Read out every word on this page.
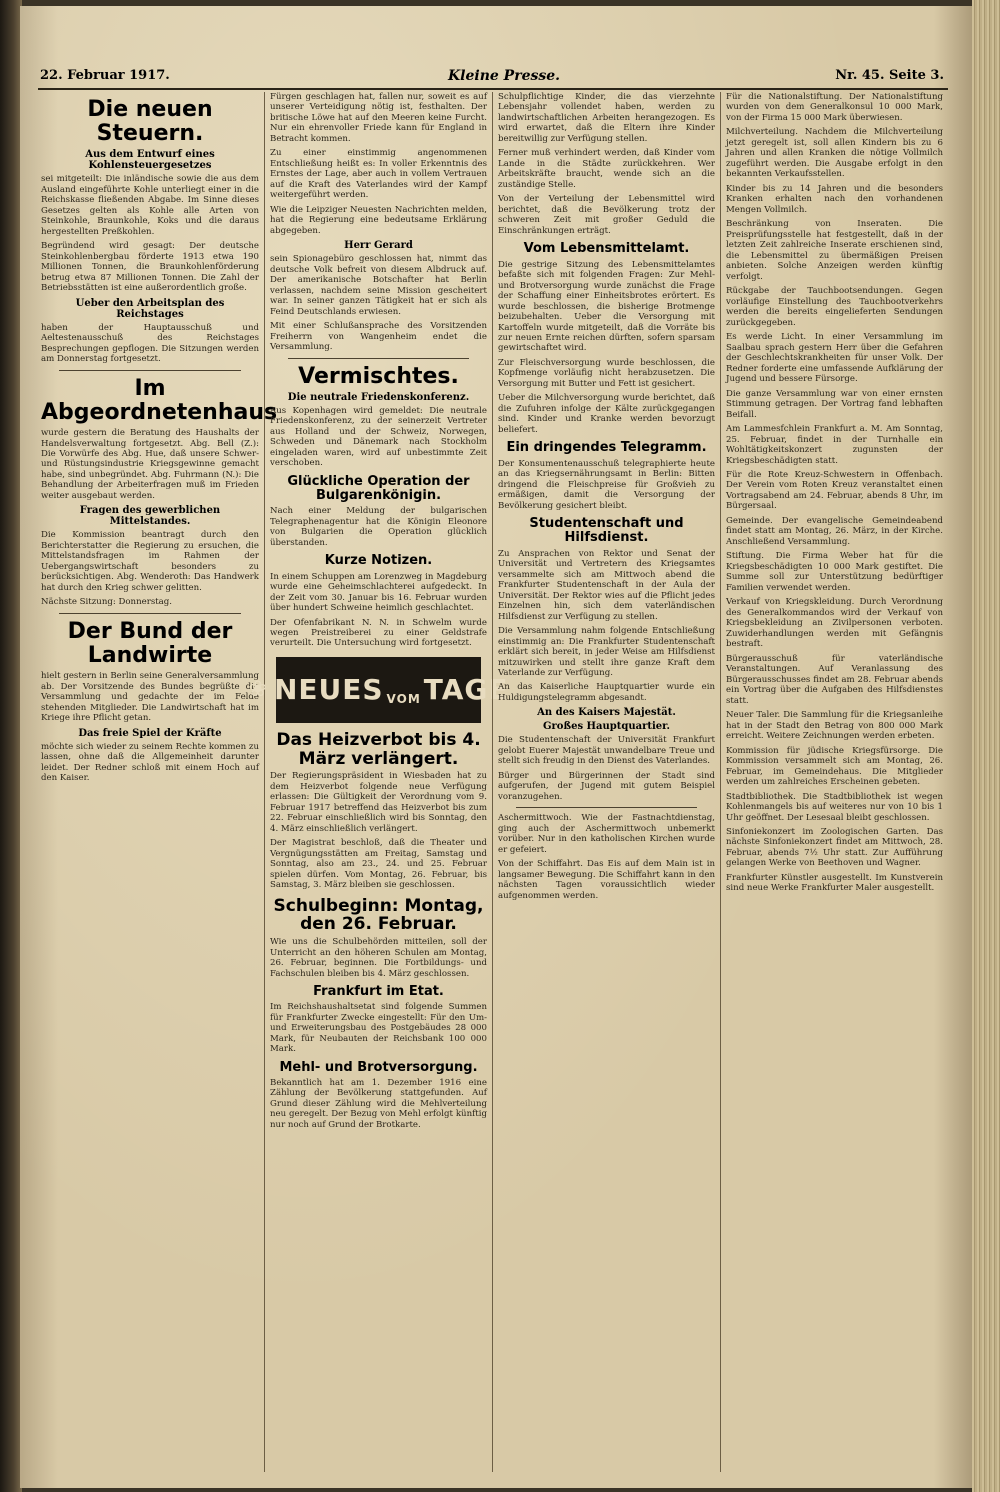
22. Februar 1917.	Kleine Presse.	Nr. 45. Seite 3.
Die neuen Steuern.
Aus dem Entwurf eines Kohlensteuergesetzes

sei mitgeteilt: Die inländische sowie die aus dem Ausland eingeführte Kohle unterliegt einer in die Reichskasse fließenden Abgabe. Im Sinne dieses Gesetzes gelten als Kohle alle Arten von Steinkohle, Braunkohle, Koks und die daraus hergestellten Preßkohlen.

Begründend wird gesagt: Der deutsche Steinkohlenbergbau förderte 1913 etwa 190 Millionen Tonnen, die Braunkohlenförderung betrug etwa 87 Millionen Tonnen. Die Zahl der Betriebsstätten ist eine außerordentlich große.

Ueber den Arbeitsplan des Reichstages

haben der Hauptausschuß und Aeltestenausschuß des Reichstages Besprechungen gepflogen. Die Sitzungen werden am Donnerstag fortgesetzt.

Im Abgeordnetenhaus

wurde gestern die Beratung des Haushalts der Handelsverwaltung fortgesetzt. Abg. Bell (Z.): Die Vorwürfe des Abg. Hue, daß unsere Schwer- und Rüstungsindustrie Kriegsgewinne gemacht habe, sind unbegründet. Abg. Fuhrmann (N.): Die Behandlung der Arbeiterfragen muß im Frieden weiter ausgebaut werden.

Fragen des gewerblichen Mittelstandes.

Die Kommission beantragt durch den Berichterstatter die Regierung zu ersuchen, die Mittelstandsfragen im Rahmen der Uebergangswirtschaft besonders zu berücksichtigen. Abg. Wenderoth: Das Handwerk hat durch den Krieg schwer gelitten.

Nächste Sitzung: Donnerstag.

Der Bund der Landwirte

hielt gestern in Berlin seine Generalversammlung ab. Der Vorsitzende des Bundes begrüßte die Versammlung und gedachte der im Felde stehenden Mitglieder. Die Landwirtschaft hat im Kriege ihre Pflicht getan.

Das freie Spiel der Kräfte

möchte sich wieder zu seinem Rechte kommen zu lassen, ohne daß die Allgemeinheit darunter leidet. Der Redner schloß mit einem Hoch auf den Kaiser.

Fürgen geschlagen hat, fallen nur, soweit es auf unserer Verteidigung nötig ist, festhalten. Der britische Löwe hat auf den Meeren keine Furcht. Nur ein ehrenvoller Friede kann für England in Betracht kommen.

Zu einer einstimmig angenommenen Entschließung heißt es: In voller Erkenntnis des Ernstes der Lage, aber auch in vollem Vertrauen auf die Kraft des Vaterlandes wird der Kampf weitergeführt werden.

Wie die Leipziger Neuesten Nachrichten melden, hat die Regierung eine bedeutsame Erklärung abgegeben.

Herr Gerard

sein Spionagebüro geschlossen hat, nimmt das deutsche Volk befreit von diesem Albdruck auf. Der amerikanische Botschafter hat Berlin verlassen, nachdem seine Mission gescheitert war. In seiner ganzen Tätigkeit hat er sich als Feind Deutschlands erwiesen.

Mit einer Schlußansprache des Vorsitzenden Freiherrn von Wangenheim endet die Versammlung.

Vermischtes.
Die neutrale Friedenskonferenz.

Aus Kopenhagen wird gemeldet: Die neutrale Friedenskonferenz, zu der seinerzeit Vertreter aus Holland und der Schweiz, Norwegen, Schweden und Dänemark nach Stockholm eingeladen waren, wird auf unbestimmte Zeit verschoben.

Glückliche Operation der Bulgarenkönigin.

Nach einer Meldung der bulgarischen Telegraphenagentur hat die Königin Eleonore von Bulgarien die Operation glücklich überstanden.

Kurze Notizen.

In einem Schuppen am Lorenzweg in Magdeburg wurde eine Geheimschlachterei aufgedeckt. In der Zeit vom 30. Januar bis 16. Februar wurden über hundert Schweine heimlich geschlachtet.

Der Ofenfabrikant N. N. in Schwelm wurde wegen Preistreiberei zu einer Geldstrafe verurteilt. Die Untersuchung wird fortgesetzt.

❀ NEUES VOM TAGE
Das Heizverbot bis 4. März verlängert.

Der Regierungspräsident in Wiesbaden hat zu dem Heizverbot folgende neue Verfügung erlassen: Die Gültigkeit der Verordnung vom 9. Februar 1917 betreffend das Heizverbot bis zum 22. Februar einschließlich wird bis Sonntag, den 4. März einschließlich verlängert.

Der Magistrat beschloß, daß die Theater und Vergnügungsstätten am Freitag, Samstag und Sonntag, also am 23., 24. und 25. Februar spielen dürfen. Vom Montag, 26. Februar, bis Samstag, 3. März bleiben sie geschlossen.

Schulbeginn: Montag, den 26. Februar.

Wie uns die Schulbehörden mitteilen, soll der Unterricht an den höheren Schulen am Montag, 26. Februar, beginnen. Die Fortbildungs- und Fachschulen bleiben bis 4. März geschlossen.

Frankfurt im Etat.

Im Reichshaushaltsetat sind folgende Summen für Frankfurter Zwecke eingestellt: Für den Um- und Erweiterungsbau des Postgebäudes 28 000 Mark, für Neubauten der Reichsbank 100 000 Mark.

Mehl- und Brotversorgung.

Bekanntlich hat am 1. Dezember 1916 eine Zählung der Bevölkerung stattgefunden. Auf Grund dieser Zählung wird die Mehlverteilung neu geregelt. Der Bezug von Mehl erfolgt künftig nur noch auf Grund der Brotkarte.

Schulpflichtige Kinder, die das vierzehnte Lebensjahr vollendet haben, werden zu landwirtschaftlichen Arbeiten herangezogen. Es wird erwartet, daß die Eltern ihre Kinder bereitwillig zur Verfügung stellen.

Ferner muß verhindert werden, daß Kinder vom Lande in die Städte zurückkehren. Wer Arbeitskräfte braucht, wende sich an die zuständige Stelle.

Von der Verteilung der Lebensmittel wird berichtet, daß die Bevölkerung trotz der schweren Zeit mit großer Geduld die Einschränkungen erträgt.

Vom Lebensmittelamt.

Die gestrige Sitzung des Lebensmittelamtes befaßte sich mit folgenden Fragen: Zur Mehl- und Brotversorgung wurde zunächst die Frage der Schaffung einer Einheitsbrotes erörtert. Es wurde beschlossen, die bisherige Brotmenge beizubehalten. Ueber die Versorgung mit Kartoffeln wurde mitgeteilt, daß die Vorräte bis zur neuen Ernte reichen dürften, sofern sparsam gewirtschaftet wird.

Zur Fleischversorgung wurde beschlossen, die Kopfmenge vorläufig nicht herabzusetzen. Die Versorgung mit Butter und Fett ist gesichert.

Ueber die Milchversorgung wurde berichtet, daß die Zufuhren infolge der Kälte zurückgegangen sind. Kinder und Kranke werden bevorzugt beliefert.

Ein dringendes Telegramm.

Der Konsumentenausschuß telegraphierte heute an das Kriegsernährungsamt in Berlin: Bitten dringend die Fleischpreise für Großvieh zu ermäßigen, damit die Versorgung der Bevölkerung gesichert bleibt.

Studentenschaft und Hilfsdienst.

Zu Ansprachen von Rektor und Senat der Universität und Vertretern des Kriegsamtes versammelte sich am Mittwoch abend die Frankfurter Studentenschaft in der Aula der Universität. Der Rektor wies auf die Pflicht jedes Einzelnen hin, sich dem vaterländischen Hilfsdienst zur Verfügung zu stellen.

Die Versammlung nahm folgende Entschließung einstimmig an: Die Frankfurter Studentenschaft erklärt sich bereit, in jeder Weise am Hilfsdienst mitzuwirken und stellt ihre ganze Kraft dem Vaterlande zur Verfügung.

An das Kaiserliche Hauptquartier wurde ein Huldigungstelegramm abgesandt.

An des Kaisers Majestät.
Großes Hauptquartier.

Die Studentenschaft der Universität Frankfurt gelobt Euerer Majestät unwandelbare Treue und stellt sich freudig in den Dienst des Vaterlandes.

Bürger und Bürgerinnen der Stadt sind aufgerufen, der Jugend mit gutem Beispiel voranzugehen.

Aschermittwoch. Wie der Fastnachtdienstag, ging auch der Aschermittwoch unbemerkt vorüber. Nur in den katholischen Kirchen wurde er gefeiert.

Von der Schiffahrt. Das Eis auf dem Main ist in langsamer Bewegung. Die Schiffahrt kann in den nächsten Tagen voraussichtlich wieder aufgenommen werden.

Für die Nationalstiftung. Der Nationalstiftung wurden von dem Generalkonsul 10 000 Mark, von der Firma 15 000 Mark überwiesen.

Milchverteilung. Nachdem die Milchverteilung jetzt geregelt ist, soll allen Kindern bis zu 6 Jahren und allen Kranken die nötige Vollmilch zugeführt werden. Die Ausgabe erfolgt in den bekannten Verkaufsstellen.

Kinder bis zu 14 Jahren und die besonders Kranken erhalten nach den vorhandenen Mengen Vollmilch.

Beschränkung von Inseraten. Die Preisprüfungsstelle hat festgestellt, daß in der letzten Zeit zahlreiche Inserate erschienen sind, die Lebensmittel zu übermäßigen Preisen anbieten. Solche Anzeigen werden künftig verfolgt.

Rückgabe der Tauchbootsendungen. Gegen vorläufige Einstellung des Tauchbootverkehrs werden die bereits eingelieferten Sendungen zurückgegeben.

Es werde Licht. In einer Versammlung im Saalbau sprach gestern Herr über die Gefahren der Geschlechtskrankheiten für unser Volk. Der Redner forderte eine umfassende Aufklärung der Jugend und bessere Fürsorge.

Die ganze Versammlung war von einer ernsten Stimmung getragen. Der Vortrag fand lebhaften Beifall.

Am Lammesfchlein Frankfurt a. M. Am Sonntag, 25. Februar, findet in der Turnhalle ein Wohltätigkeitskonzert zugunsten der Kriegsbeschädigten statt.

Für die Rote Kreuz-Schwestern in Offenbach. Der Verein vom Roten Kreuz veranstaltet einen Vortragsabend am 24. Februar, abends 8 Uhr, im Bürgersaal.

Gemeinde. Der evangelische Gemeindeabend findet statt am Montag, 26. März, in der Kirche. Anschließend Versammlung.

Stiftung. Die Firma Weber hat für die Kriegsbeschädigten 10 000 Mark gestiftet. Die Summe soll zur Unterstützung bedürftiger Familien verwendet werden.

Verkauf von Kriegskleidung. Durch Verordnung des Generalkommandos wird der Verkauf von Kriegsbekleidung an Zivilpersonen verboten. Zuwiderhandlungen werden mit Gefängnis bestraft.

Bürgerausschuß für vaterländische Veranstaltungen. Auf Veranlassung des Bürgerausschusses findet am 28. Februar abends ein Vortrag über die Aufgaben des Hilfsdienstes statt.

Neuer Taler. Die Sammlung für die Kriegsanleihe hat in der Stadt den Betrag von 800 000 Mark erreicht. Weitere Zeichnungen werden erbeten.

Kommission für jüdische Kriegsfürsorge. Die Kommission versammelt sich am Montag, 26. Februar, im Gemeindehaus. Die Mitglieder werden um zahlreiches Erscheinen gebeten.

Stadtbibliothek. Die Stadtbibliothek ist wegen Kohlenmangels bis auf weiteres nur von 10 bis 1 Uhr geöffnet. Der Lesesaal bleibt geschlossen.

Sinfoniekonzert im Zoologischen Garten. Das nächste Sinfoniekonzert findet am Mittwoch, 28. Februar, abends 7½ Uhr statt. Zur Aufführung gelangen Werke von Beethoven und Wagner.

Frankfurter Künstler ausgestellt. Im Kunstverein sind neue Werke Frankfurter Maler ausgestellt.
